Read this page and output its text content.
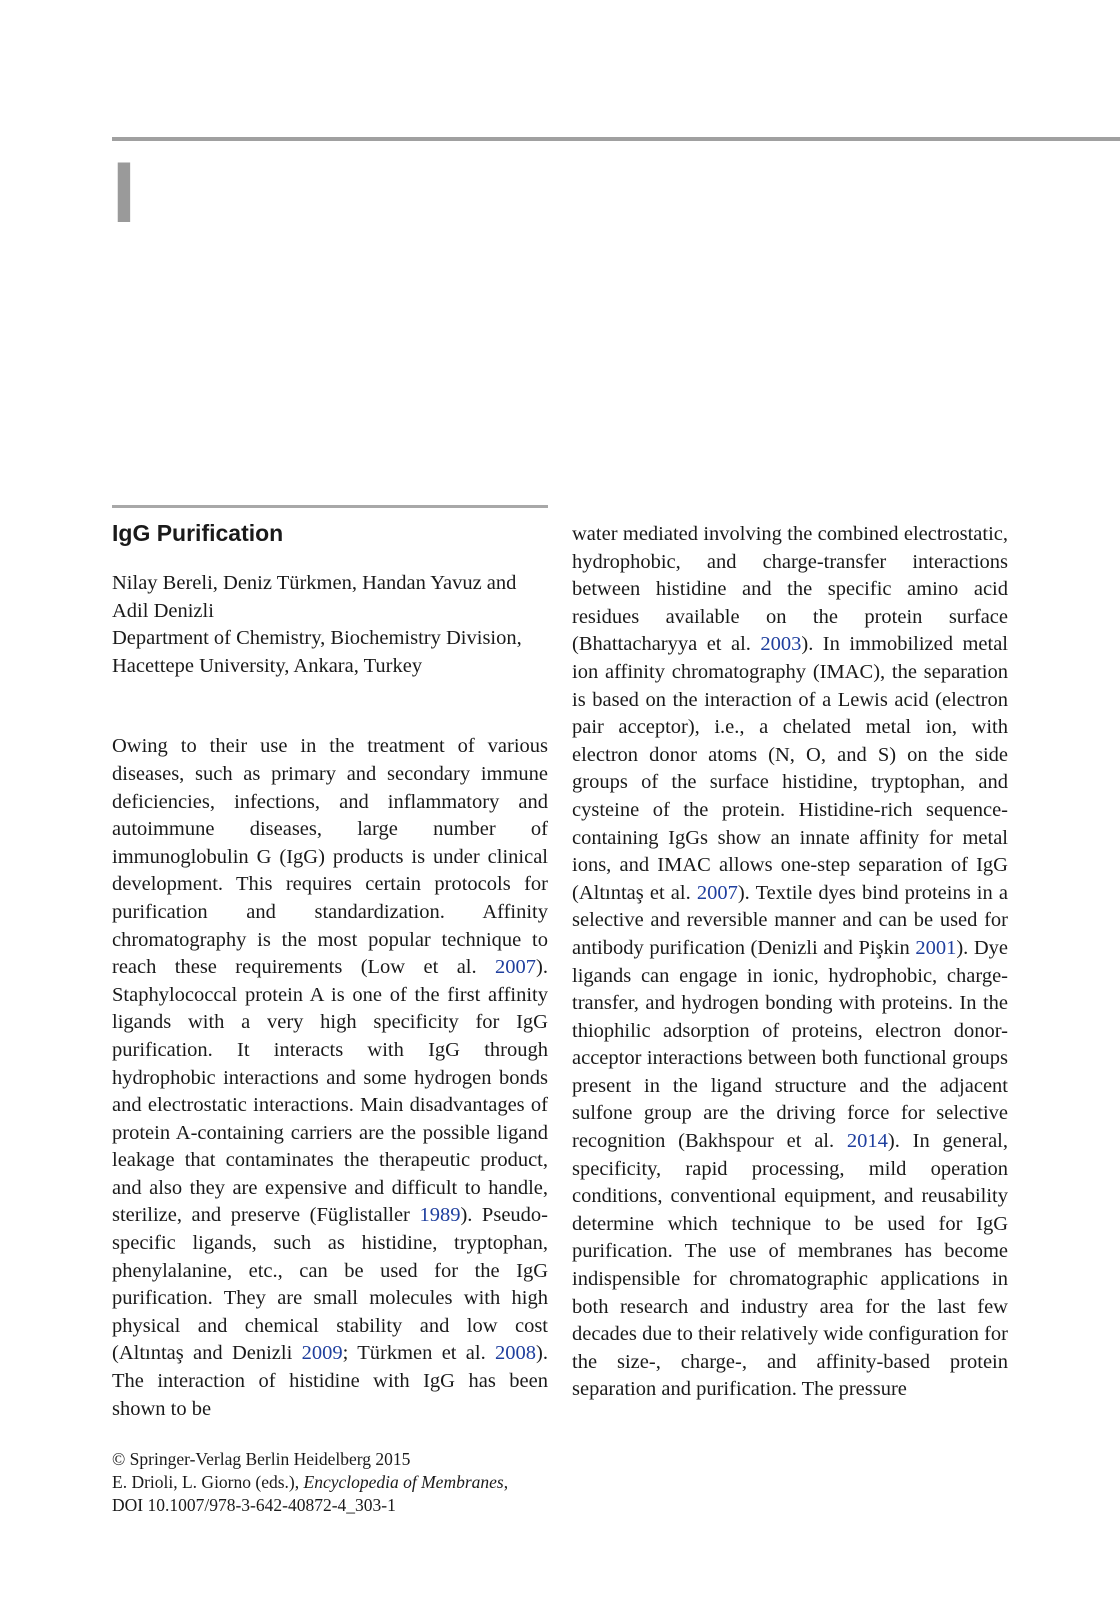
I
IgG Purification

Nilay Bereli, Deniz Türkmen, Handan Yavuz and Adil Denizli

Department of Chemistry, Biochemistry Division, Hacettepe University, Ankara, Turkey

Owing to their use in the treatment of various diseases, such as primary and secondary immune deficiencies, infections, and inflammatory and autoimmune diseases, large number of immunoglobulin G (IgG) products is under clinical development. This requires certain protocols for purification and standardization. Affinity chromatography is the most popular technique to reach these requirements (Low et al. 2007). Staphylococcal protein A is one of the first affinity ligands with a very high specificity for IgG purification. It interacts with IgG through hydrophobic interactions and some hydrogen bonds and electrostatic interactions. Main disadvantages of protein A-containing carriers are the possible ligand leakage that contaminates the therapeutic product, and also they are expensive and difficult to handle, sterilize, and preserve (Füglistaller 1989). Pseudo-specific ligands, such as histidine, tryptophan, phenylalanine, etc., can be used for the IgG purification. They are small molecules with high physical and chemical stability and low cost (Altıntaş and Denizli 2009; Türkmen et al. 2008). The interaction of histidine with IgG has been shown to be

water mediated involving the combined electrostatic, hydrophobic, and charge-transfer interactions between histidine and the specific amino acid residues available on the protein surface (Bhattacharyya et al. 2003). In immobilized metal ion affinity chromatography (IMAC), the separation is based on the interaction of a Lewis acid (electron pair acceptor), i.e., a chelated metal ion, with electron donor atoms (N, O, and S) on the side groups of the surface histidine, tryptophan, and cysteine of the protein. Histidine-rich sequence-containing IgGs show an innate affinity for metal ions, and IMAC allows one-step separation of IgG (Altıntaş et al. 2007). Textile dyes bind proteins in a selective and reversible manner and can be used for antibody purification (Denizli and Pişkin 2001). Dye ligands can engage in ionic, hydrophobic, charge-transfer, and hydrogen bonding with proteins. In the thiophilic adsorption of proteins, electron donor-acceptor interactions between both functional groups present in the ligand structure and the adjacent sulfone group are the driving force for selective recognition (Bakhspour et al. 2014). In general, specificity, rapid processing, mild operation conditions, conventional equipment, and reusability determine which technique to be used for IgG purification. The use of membranes has become indispensible for chromatographic applications in both research and industry area for the last few decades due to their relatively wide configuration for the size-, charge-, and affinity-based protein separation and purification. The pressure

© Springer-Verlag Berlin Heidelberg 2015

E. Drioli, L. Giorno (eds.), Encyclopedia of Membranes,

DOI 10.1007/978-3-642-40872-4_303-1
